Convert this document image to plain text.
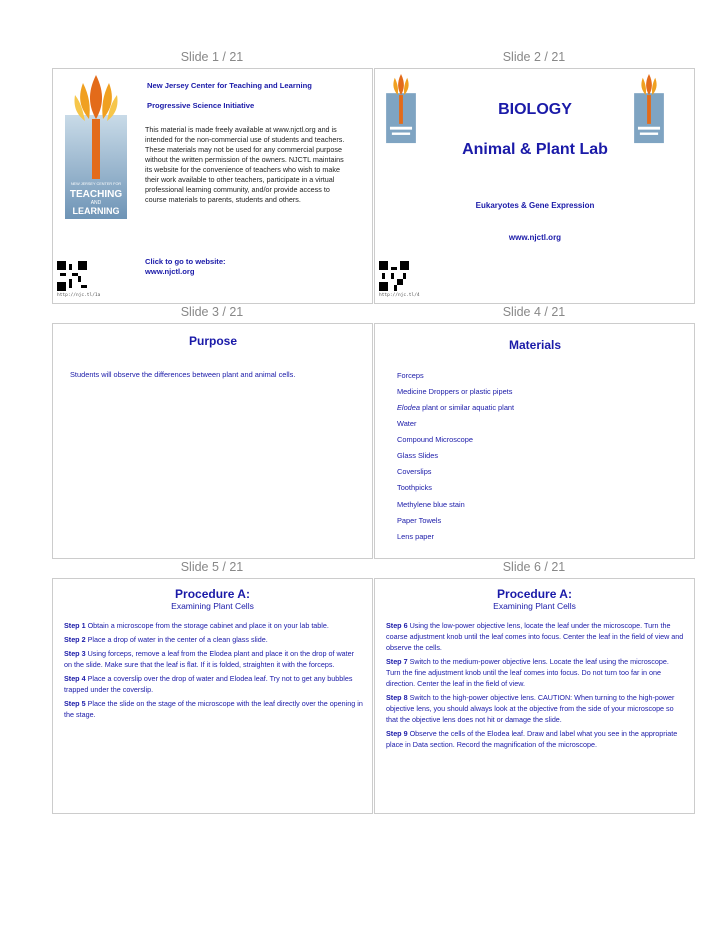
Slide 1 / 21	Slide 2 / 21
Slide 3 / 21	Slide 4 / 21
Slide 5 / 21	Slide 6 / 21
NEW JERSEY CENTER FOR
TEACHING
AND
LEARNING
New Jersey Center for Teaching and Learning
Progressive Science Initiative
This material is made freely available at www.njctl.org and is intended for the non-commercial use of students and teachers. These materials may not be used for any commercial purpose without the written permission of the owners. NJCTL maintains its website for the convenience of teachers who wish to make their work available to other teachers, participate in a virtual professional learning community, and/or provide access to course materials to parents, students and others.
Click to go to website:
www.njctl.org
http://njc.tl/1a
BIOLOGY
Animal & Plant Lab
Eukaryotes & Gene Expression
www.njctl.org
http://njc.tl/4
Purpose
Students will observe the differences between plant and animal cells.
Materials
Forceps
Medicine Droppers or plastic pipets
Elodea plant or similar aquatic plant
Water
Compound Microscope
Glass Slides
Coverslips
Toothpicks
Methylene blue stain
Paper Towels
Lens paper
Procedure A:
Examining Plant Cells
Step 1 Obtain a microscope from the storage cabinet and place it on your lab table.
Step 2 Place a drop of water in the center of a clean glass slide.
Step 3 Using forceps, remove a leaf from the Elodea plant and place it on the drop of water on the slide. Make sure that the leaf is flat. If it is folded, straighten it with the forceps.
Step 4 Place a coverslip over the drop of water and Elodea leaf. Try not to get any bubbles trapped under the coverslip.
Step 5 Place the slide on the stage of the microscope with the leaf directly over the opening in the stage.
Procedure A:
Examining Plant Cells
Step 6 Using the low-power objective lens, locate the leaf under the microscope. Turn the coarse adjustment knob until the leaf comes into focus. Center the leaf in the field of view and observe the cells.
Step 7 Switch to the medium-power objective lens. Locate the leaf using the microscope. Turn the fine adjustment knob until the leaf comes into focus. Do not turn too far in one direction. Center the leaf in the field of view.
Step 8 Switch to the high-power objective lens. CAUTION: When turning to the high-power objective lens, you should always look at the objective from the side of your microscope so that the objective lens does not hit or damage the slide.
Step 9 Observe the cells of the Elodea leaf. Draw and label what you see in the appropriate place in Data section. Record the magnification of the microscope.
